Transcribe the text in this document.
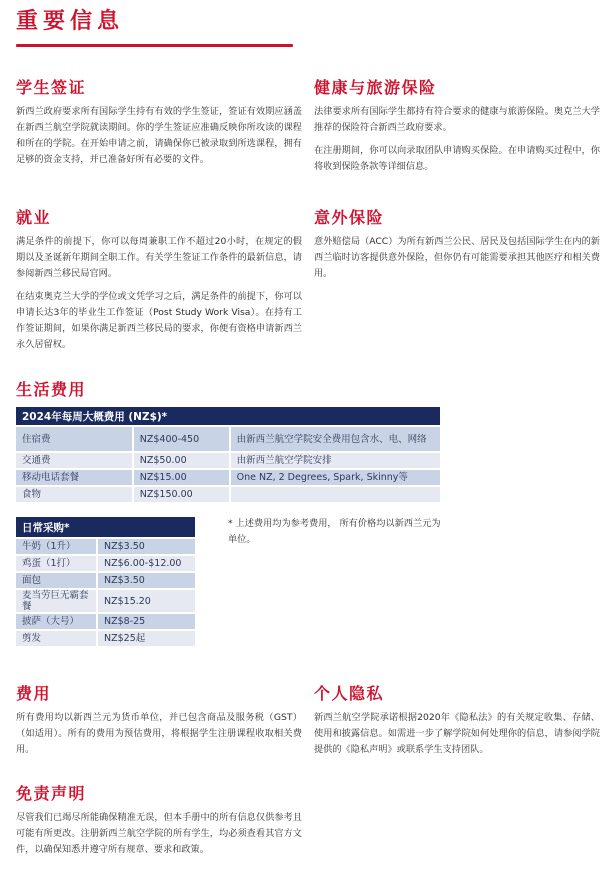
重要信息
学生签证

新西兰政府要求所有国际学生持有有效的学生签证，签证有效期应涵盖在新西兰航空学院就读期间。你的学生签证应准确反映你所攻读的课程和所在的学院。在开始申请之前，请确保你已被录取到所选课程，拥有足够的资金支持，并已准备好所有必要的文件。

健康与旅游保险

法律要求所有国际学生都持有符合要求的健康与旅游保险。奥克兰大学推荐的保险符合新西兰政府要求。

在注册期间，你可以向录取团队申请购买保险。在申请购买过程中，你将收到保险条款等详细信息。

就业

满足条件的前提下，你可以每周兼职工作不超过20小时，在规定的假期以及圣诞新年期间全职工作。有关学生签证工作条件的最新信息，请参阅新西兰移民局官网。

在结束奥克兰大学的学位或文凭学习之后，满足条件的前提下，你可以申请长达3年的毕业生工作签证（Post Study Work Visa）。在持有工作签证期间，如果你满足新西兰移民局的要求，你便有资格申请新西兰永久居留权。

意外保险

意外赔偿局（ACC）为所有新西兰公民、居民及包括国际学生在内的新西兰临时访客提供意外保险，但你仍有可能需要承担其他医疗和相关费用。

生活费用
2024年每周大概费用 (NZ$)*		
住宿费	NZ$400-450	由新西兰航空学院安全费用包含水、电、网络
交通费	NZ$50.00	由新西兰航空学院安排
移动电话套餐	NZ$15.00	One NZ, 2 Degrees, Spark, Skinny等
食物	NZ$150.00	
日常采购*	
牛奶（1升）	NZ$3.50
鸡蛋（1打）	NZ$6.00-$12.00
面包	NZ$3.50
麦当劳巨无霸套餐	NZ$15.20
披萨（大号）	NZ$8-25
剪发	NZ$25起
* 上述费用均为参考费用， 所有价格均以新西兰元为单位。
费用

所有费用均以新西兰元为货币单位，并已包含商品及服务税（GST）（如适用）。所有的费用为预估费用，将根据学生注册课程收取相关费用。

个人隐私

新西兰航空学院承诺根据2020年《隐私法》的有关规定收集、存储、使用和披露信息。如需进一步了解学院如何处理你的信息，请参阅学院提供的《隐私声明》或联系学生支持团队。

免责声明

尽管我们已竭尽所能确保精准无误，但本手册中的所有信息仅供参考且可能有所更改。注册新西兰航空学院的所有学生，均必须查看其官方文件，以确保知悉并遵守所有规章、要求和政策。
